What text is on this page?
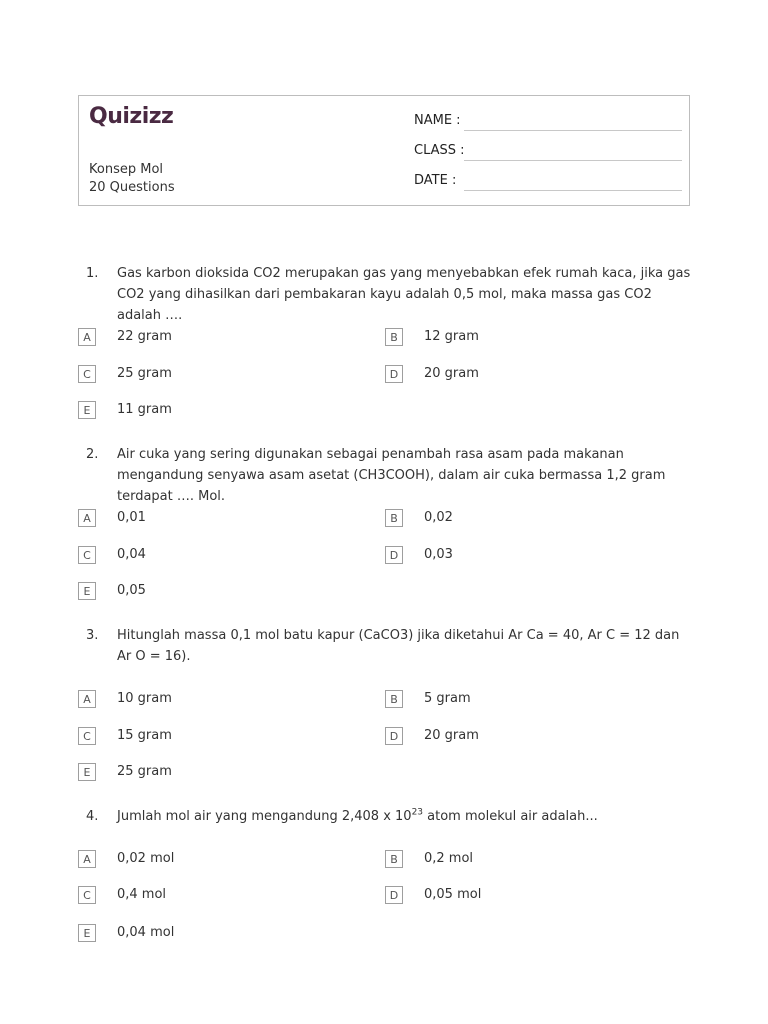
Quizizz
Konsep Mol
20 Questions
NAME :
CLASS :
DATE :
1. Gas karbon dioksida CO2 merupakan gas yang menyebabkan efek rumah kaca, jika gas CO2 yang dihasilkan dari pembakaran kayu adalah 0,5 mol, maka massa gas CO2 adalah ….
A	22 gram	B	12 gram
C	25 gram	D	20 gram
E	11 gram
2. Air cuka yang sering digunakan sebagai penambah rasa asam pada makanan mengandung senyawa asam asetat (CH3COOH), dalam air cuka bermassa 1,2 gram terdapat …. Mol.
A	0,01	B	0,02
C	0,04	D	0,03
E	0,05
3. Hitunglah massa 0,1 mol batu kapur (CaCO3) jika diketahui Ar Ca = 40, Ar C = 12 dan Ar O = 16).
A	10 gram	B	5 gram
C	15 gram	D	20 gram
E	25 gram
4. Jumlah mol air yang mengandung 2,408 x $10^{23}$ atom molekul air adalah...
A	0,02 mol	B	0,2 mol
C	0,4 mol	D	0,05 mol
E	0,04 mol
